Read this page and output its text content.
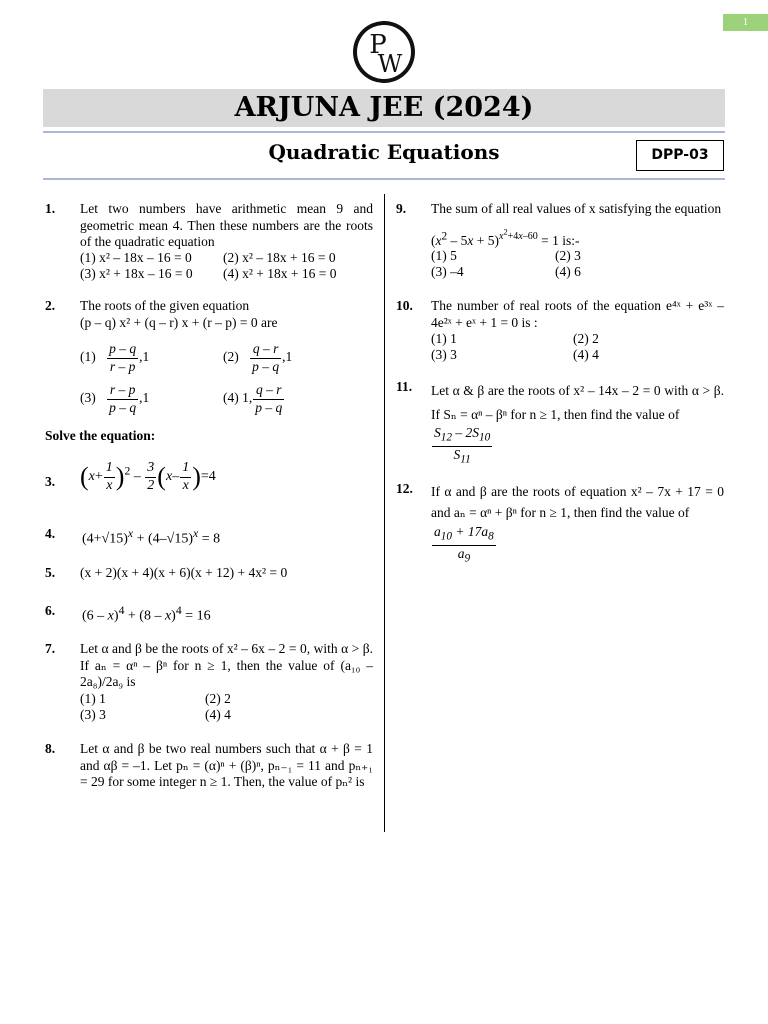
1
P
W
ARJUNA JEE (2024)
Quadratic Equations	DPP-03
1. Let two numbers have arithmetic mean 9 and geometric mean 4. Then these numbers are the roots of the quadratic equation
(1) x² – 18x – 16 = 0 (2) x² – 18x + 16 = 0
(3) x² + 18x – 16 = 0 (4) x² + 18x + 16 = 0
2. The roots of the given equation
(p – q) x² + (q – r) x + (r – p) = 0 are
$(1) \frac{p - q}{r - p} ,1$	$(2) \frac{q - r}{p - q} ,1$
$(3) \frac{r - p}{p - q} ,1$	(4) 1, $\frac{q - r}{p - q}$
Solve the equation:
3. $(x+ \frac{1}{x} )^2 - \frac{3}{2} (x- \frac{1}{x} )=4$
4. $(4+√15)^x + (4-√15)^x = 8$
5. (x + 2)(x + 4)(x + 6)(x + 12) + 4x² = 0
6. (6 – x)$^4$ + (8 – x)$^4$ = 16
7. Let α and β be the roots of x² – 6x – 2 = 0, with α > β. If aₙ = αⁿ – βⁿ for n ≥ 1, then the value of (a₁₀ – 2a₈)/2a₉ is
(1) 1	(2) 2
(3) 3	(4) 4
8. Let α and β be two real numbers such that α + β = 1 and αβ = –1. Let pₙ = (α)ⁿ + (β)ⁿ, pₙ₋₁ = 11 and pₙ₊₁ = 29 for some integer n ≥ 1. Then, the value of pₙ² is
9. The sum of all real values of x satisfying the equation
$(x^2 - 5x + 5)^{x^2+4x-60} = 1$ is:-
(1) 5	(2) 3
(3) –4	(4) 6
10. The number of real roots of the equation e⁴ˣ + e³ˣ – 4e²ˣ + eˣ + 1 = 0 is :
(1) 1	(2) 2
(3) 3	(4) 4
11. Let α & β are the roots of x² – 14x – 2 = 0 with α > β. If Sₙ = αⁿ – βⁿ for n ≥ 1, then find the value of
$\frac{S_{12} - 2S_{10}}{S_{11}}$
12. If α and β are the roots of equation x² – 7x + 17 = 0 and aₙ = αⁿ + βⁿ for n ≥ 1, then find the value of
$\frac{a_{10} + 17a_8}{a_9}$
